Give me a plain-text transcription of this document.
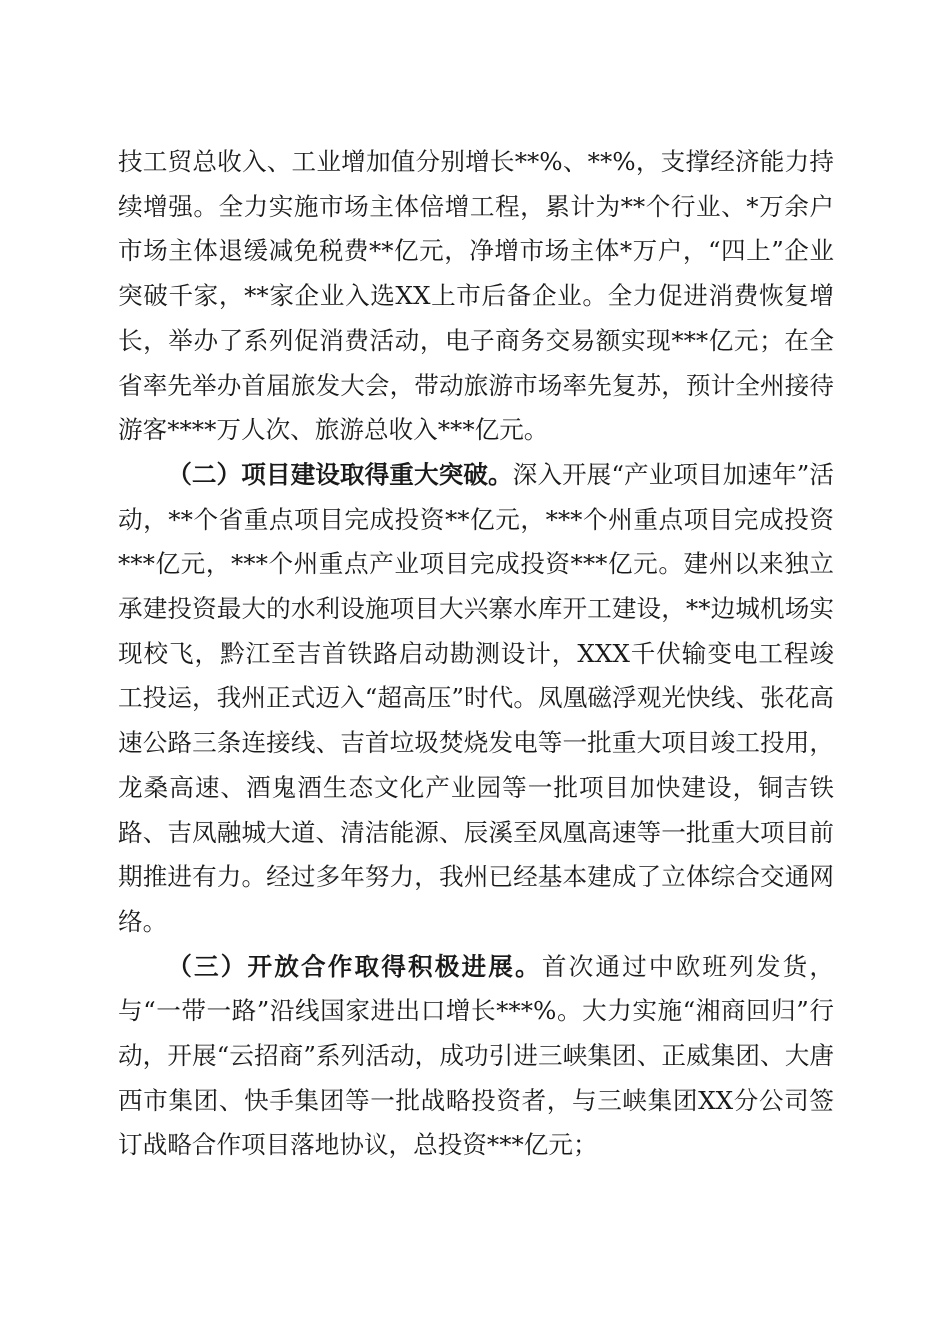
技工贸总收入、工业增加值分别增长**%、**%，支撑经济能力持续增强。全力实施市场主体倍增工程，累计为**个行业、*万余户市场主体退缓减免税费**亿元，净增市场主体*万户，“四上”企业突破千家，**家企业入选XX上市后备企业。全力促进消费恢复增长，举办了系列促消费活动，电子商务交易额实现***亿元；在全省率先举办首届旅发大会，带动旅游市场率先复苏，预计全州接待游客****万人次、旅游总收入***亿元。

（二）项目建设取得重大突破。深入开展“产业项目加速年”活动，**个省重点项目完成投资**亿元，***个州重点项目完成投资***亿元，***个州重点产业项目完成投资***亿元。建州以来独立承建投资最大的水利设施项目大兴寨水库开工建设，**边城机场实现校飞，黔江至吉首铁路启动勘测设计，XXX千伏输变电工程竣工投运，我州正式迈入“超高压”时代。凤凰磁浮观光快线、张花高速公路三条连接线、吉首垃圾焚烧发电等一批重大项目竣工投用，龙桑高速、酒鬼酒生态文化产业园等一批项目加快建设，铜吉铁路、吉凤融城大道、清洁能源、辰溪至凤凰高速等一批重大项目前期推进有力。经过多年努力，我州已经基本建成了立体综合交通网络。

（三）开放合作取得积极进展。首次通过中欧班列发货，与“一带一路”沿线国家进出口增长***%。大力实施“湘商回归”行动，开展“云招商”系列活动，成功引进三峡集团、正威集团、大唐西市集团、快手集团等一批战略投资者，与三峡集团XX分公司签订战略合作项目落地协议，总投资***亿元；
